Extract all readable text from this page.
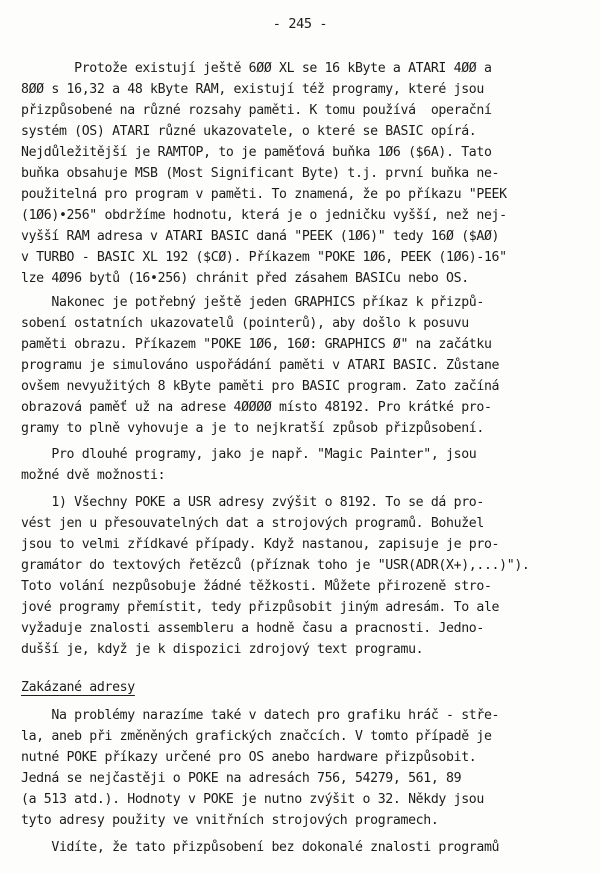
- 245 -
Protože existují ještě 6ØØ XL se 16 kByte a ATARI 4ØØ a
8ØØ s 16,32 a 48 kByte RAM, existují též programy, které jsou
přizpůsobené na různé rozsahy paměti. K tomu používá  operační
systém (OS) ATARI různé ukazovatele, o které se BASIC opírá.
Nejdůležitější je RAMTOP, to je paměťová buňka 1Ø6 ($6A). Tato
buňka obsahuje MSB (Most Significant Byte) t.j. první buňka ne-
použitelná pro program v paměti. To znamená, že po příkazu "PEEK
(1Ø6)•256" obdržíme hodnotu, která je o jedničku vyšší, než nej-
vyšší RAM adresa v ATARI BASIC daná "PEEK (1Ø6)" tedy 16Ø ($AØ)
v TURBO - BASIC XL 192 ($CØ). Příkazem "POKE 1Ø6, PEEK (1Ø6)-16"
lze 4Ø96 bytů (16•256) chránit před zásahem BASICu nebo OS.
Nakonec je potřebný ještě jeden GRAPHICS příkaz k přizpů-
sobení ostatních ukazovatelů (pointerů), aby došlo k posuvu
paměti obrazu. Příkazem "POKE 1Ø6, 16Ø: GRAPHICS Ø" na začátku
programu je simulováno uspořádání paměti v ATARI BASIC. Zůstane
ovšem nevyužitých 8 kByte paměti pro BASIC program. Zato začíná
obrazová paměť už na adrese 4ØØØØ místo 48192. Pro krátké pro-
gramy to plně vyhovuje a je to nejkratší způsob přizpůsobení.
Pro dlouhé programy, jako je např. "Magic Painter", jsou
možné dvě možnosti:
1) Všechny POKE a USR adresy zvýšit o 8192. To se dá pro-
vést jen u přesouvatelných dat a strojových programů. Bohužel
jsou to velmi zřídkavé případy. Když nastanou, zapisuje je pro-
gramátor do textových řetězců (příznak toho je "USR(ADR(X+),...)").
Toto volání nezpůsobuje žádné těžkosti. Můžete přirozeně stro-
jové programy přemístit, tedy přizpůsobit jiným adresám. To ale
vyžaduje znalosti assembleru a hodně času a pracnosti. Jedno-
dušší je, když je k dispozici zdrojový text programu.
Zakázané adresy
Na problémy narazíme také v datech pro grafiku hráč - stře-
la, aneb při změněných grafických značcích. V tomto případě je
nutné POKE příkazy určené pro OS anebo hardware přizpůsobit.
Jedná se nejčastěji o POKE na adresách 756, 54279, 561, 89
(a 513 atd.). Hodnoty v POKE je nutno zvýšit o 32. Někdy jsou
tyto adresy použity ve vnitřních strojových programech.
Vidíte, že tato přizpůsobení bez dokonalé znalosti programů
